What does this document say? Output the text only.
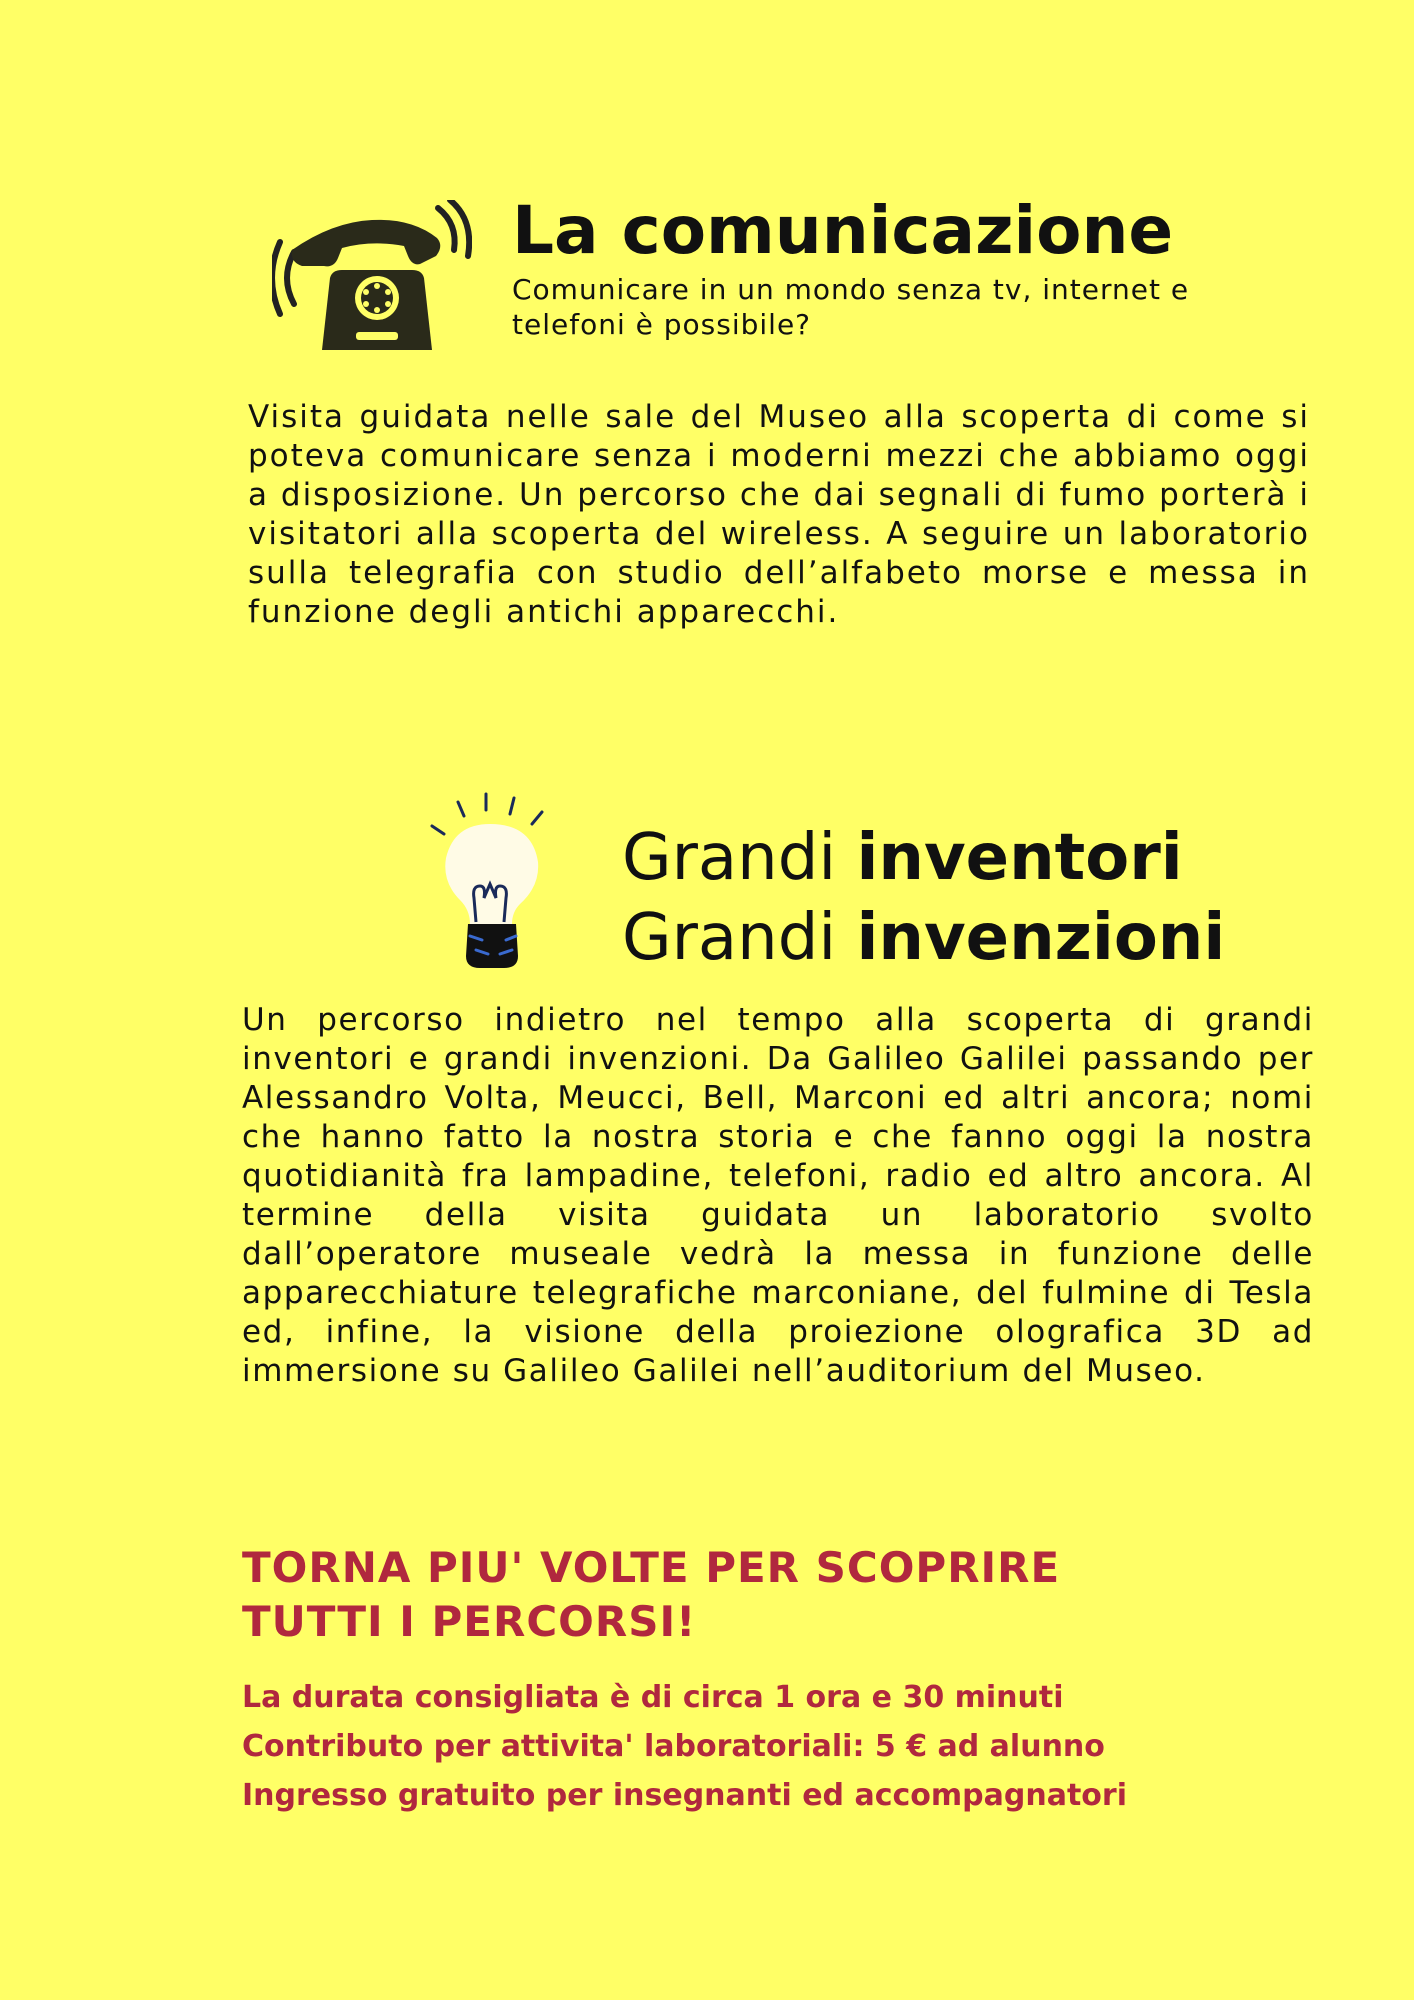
La comunicazione

Comunicare in un mondo senza tv, internet e telefoni è possibile?

Visita guidata nelle sale del Museo alla scoperta di come si poteva comunicare senza i moderni mezzi che abbiamo oggi a disposizione. Un percorso che dai segnali di fumo porterà i visitatori alla scoperta del wireless. A seguire un laboratorio sulla telegrafia con studio dell’alfabeto morse e messa in funzione degli antichi apparecchi.

Grandi inventori
Grandi invenzioni

Un percorso indietro nel tempo alla scoperta di grandi inventori e grandi invenzioni. Da Galileo Galilei passando per Alessandro Volta, Meucci, Bell, Marconi ed altri ancora; nomi che hanno fatto la nostra storia e che fanno oggi la nostra quotidianità fra lampadine, telefoni, radio ed altro ancora. Al termine della visita guidata un laboratorio svolto dall’operatore museale vedrà la messa in funzione delle apparecchiature telegrafiche marconiane, del fulmine di Tesla ed, infine, la visione della proiezione olografica 3D ad immersione su Galileo Galilei nell’auditorium del Museo.

TORNA PIU' VOLTE PER SCOPRIRE

TUTTI I PERCORSI!

La durata consigliata è di circa 1 ora e 30 minuti

Contributo per attivita' laboratoriali: 5 € ad alunno

Ingresso gratuito per insegnanti ed accompagnatori
